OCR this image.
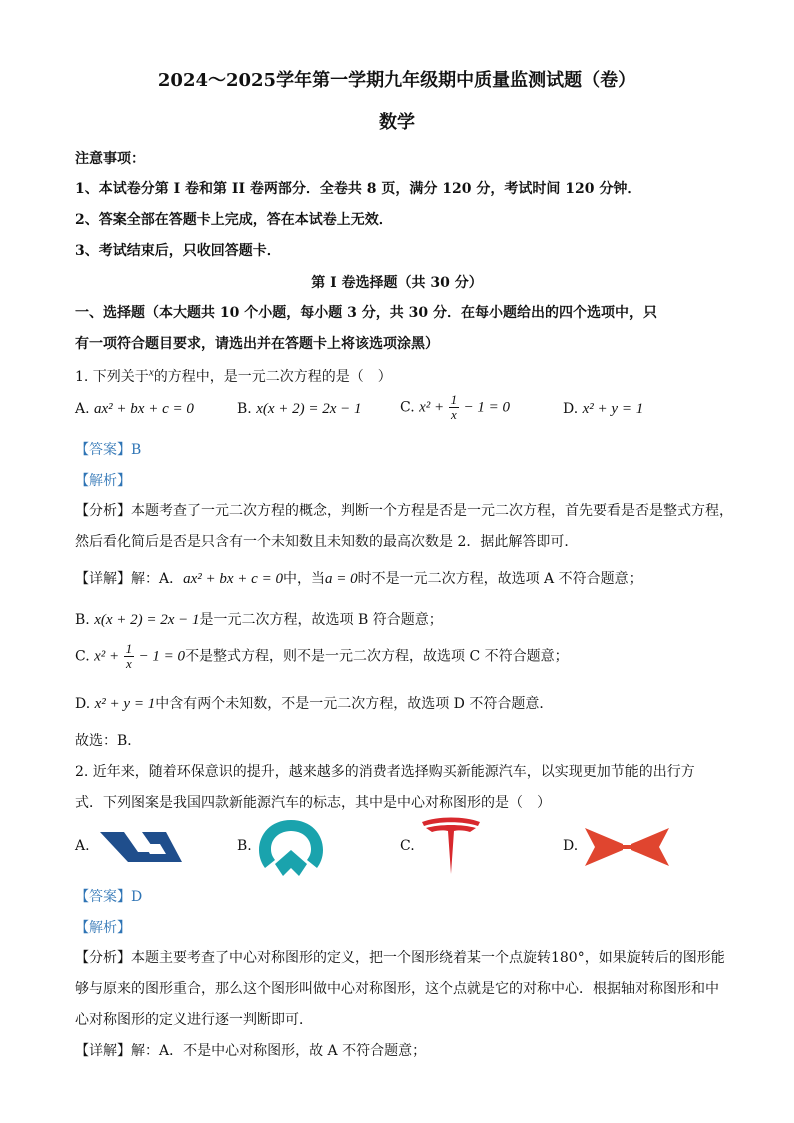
2024～2025学年第一学期九年级期中质量监测试题（卷）
数学
注意事项：
1、本试卷分第 I 卷和第 II 卷两部分．全卷共 8 页，满分 120 分，考试时间 120 分钟．
2、答案全部在答题卡上完成，答在本试卷上无效．
3、考试结束后，只收回答题卡．
第 I 卷选择题（共 30 分）
一、选择题（本大题共 10 个小题，每小题 3 分，共 30 分．在每小题给出的四个选项中，只
有一项符合题目要求，请选出并在答题卡上将该选项涂黑）
1. 下列关于$^x$的方程中，是一元二次方程的是（　）
A. ax² + bx + c = 0	B. x(x + 2) = 2x − 1	C. $x^2 + \frac{1}{x} - 1 = 0$	D. x² + y = 1
【答案】B
【解析】
【分析】本题考查了一元二次方程的概念，判断一个方程是否是一元二次方程，首先要看是否是整式方程，
然后看化简后是否是只含有一个未知数且未知数的最高次数是 2．据此解答即可．
【详解】解：A．ax² + bx + c = 0中，当a = 0时不是一元二次方程，故选项 A 不符合题意；
B. x(x + 2) = 2x − 1是一元二次方程，故选项 B 符合题意；
C. $x^2 + \frac{1}{x} - 1 = 0$不是整式方程，则不是一元二次方程，故选项 C 不符合题意；
D. x² + y = 1中含有两个未知数，不是一元二次方程，故选项 D 不符合题意．
故选：B．
2. 近年来，随着环保意识的提升，越来越多的消费者选择购买新能源汽车，以实现更加节能的出行方
式．下列图案是我国四款新能源汽车的标志，其中是中心对称图形的是（　）
A.	B.	C.	D.
【答案】D
【解析】
【分析】本题主要考查了中心对称图形的定义，把一个图形绕着某一个点旋转180°，如果旋转后的图形能
够与原来的图形重合，那么这个图形叫做中心对称图形，这个点就是它的对称中心．根据轴对称图形和中
心对称图形的定义进行逐一判断即可．
【详解】解：A．不是中心对称图形，故 A 不符合题意；
